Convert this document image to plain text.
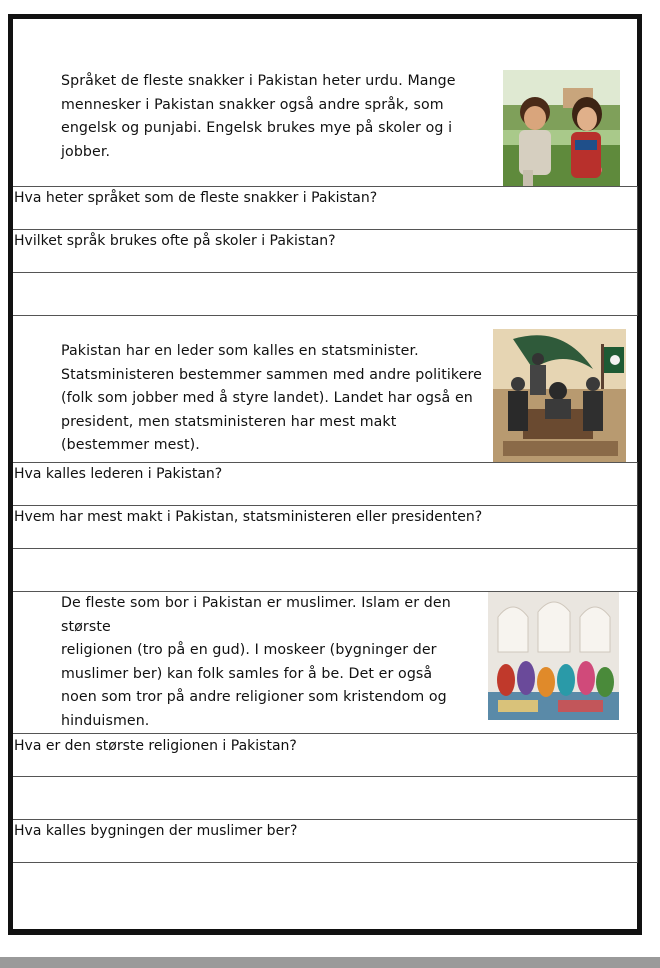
Språket de fleste snakker i Pakistan heter urdu. Mange mennesker i Pakistan snakker også andre språk, som engelsk og punjabi. Engelsk brukes mye på skoler og i jobber.

Hva heter språket som de fleste snakker i Pakistan?
Hvilket språk brukes ofte på skoler i Pakistan?

Pakistan har en leder som kalles en statsminister. Statsministeren bestemmer sammen med andre politikere (folk som jobber med å styre landet). Landet har også en president, men statsministeren har mest makt (bestemmer mest).

Hva kalles lederen i Pakistan?
Hvem har mest makt i Pakistan, statsministeren eller presidenten?

De fleste som bor i Pakistan er muslimer. Islam er den største

religionen (tro på en gud). I moskeer (bygninger der muslimer ber) kan folk samles for å be. Det er også noen som tror på andre religioner som kristendom og hinduismen.

Hva er den største religionen i Pakistan?
Hva kalles bygningen der muslimer ber?
